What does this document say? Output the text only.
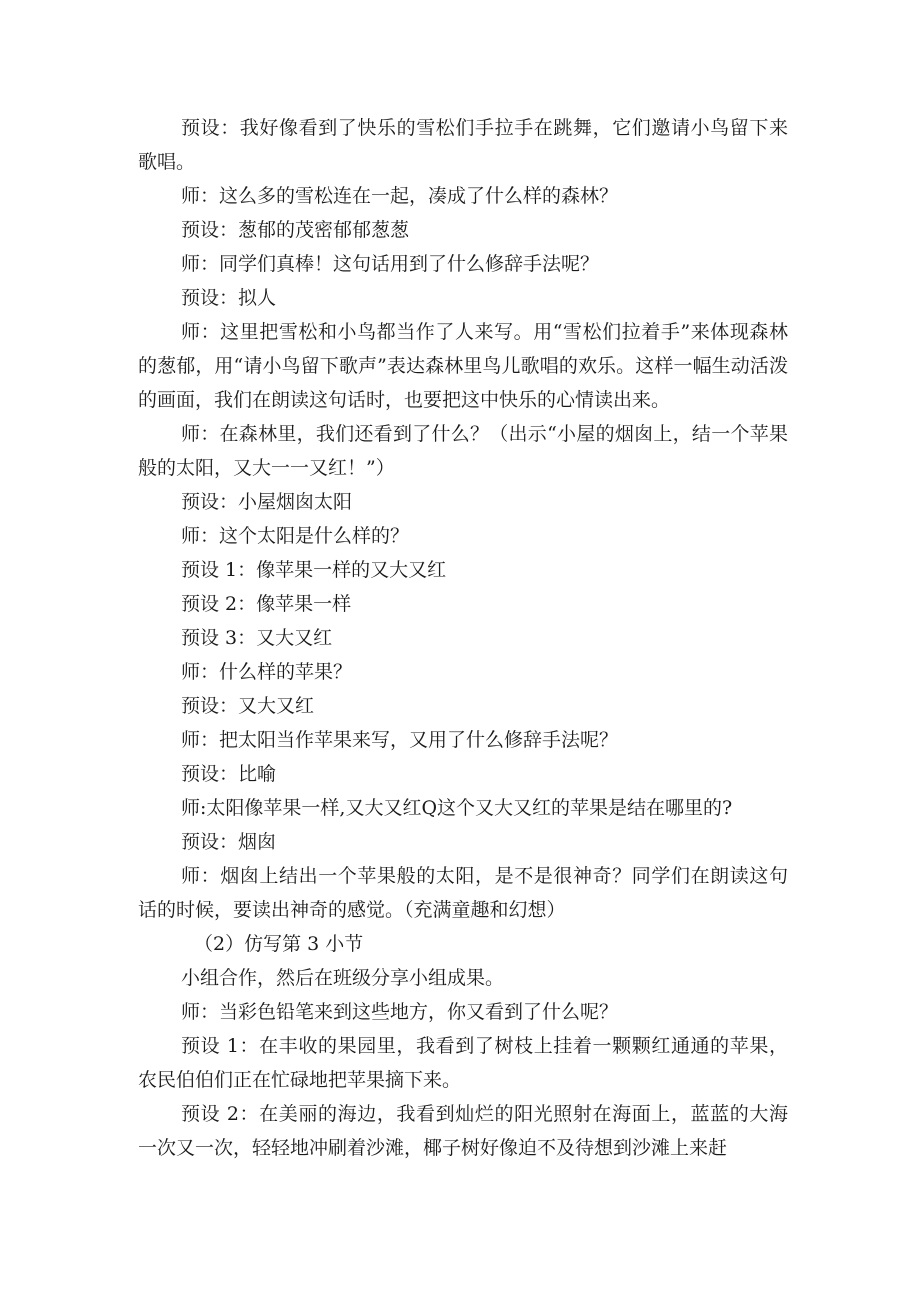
预设：我好像看到了快乐的雪松们手拉手在跳舞，它们邀请小鸟留下来歌唱。
师：这么多的雪松连在一起，凑成了什么样的森林？
预设：葱郁的茂密郁郁葱葱
师：同学们真棒！这句话用到了什么修辞手法呢？
预设：拟人
师：这里把雪松和小鸟都当作了人来写。用“雪松们拉着手”来体现森林的葱郁，用“请小鸟留下歌声”表达森林里鸟儿歌唱的欢乐。这样一幅生动活泼的画面，我们在朗读这句话时，也要把这中快乐的心情读出来。
师：在森林里，我们还看到了什么？（出示“小屋的烟囱上，结一个苹果般的太阳，又大一一又红！”）
预设：小屋烟囱太阳
师：这个太阳是什么样的？
预设 1：像苹果一样的又大又红
预设 2：像苹果一样
预设 3：又大又红
师：什么样的苹果？
预设：又大又红
师：把太阳当作苹果来写，又用了什么修辞手法呢？
预设：比喻
师:太阳像苹果一样,又大又红Q这个又大又红的苹果是结在哪里的?
预设：烟囱
师：烟囱上结出一个苹果般的太阳，是不是很神奇？同学们在朗读这句话的时候，要读出神奇的感觉。（充满童趣和幻想）
（2）仿写第 3 小节
小组合作，然后在班级分享小组成果。
师：当彩色铅笔来到这些地方，你又看到了什么呢？
预设 1：在丰收的果园里，我看到了树枝上挂着一颗颗红通通的苹果，农民伯伯们正在忙碌地把苹果摘下来。
预设 2：在美丽的海边，我看到灿烂的阳光照射在海面上，蓝蓝的大海一次又一次，轻轻地冲刷着沙滩，椰子树好像迫不及待想到沙滩上来赶
